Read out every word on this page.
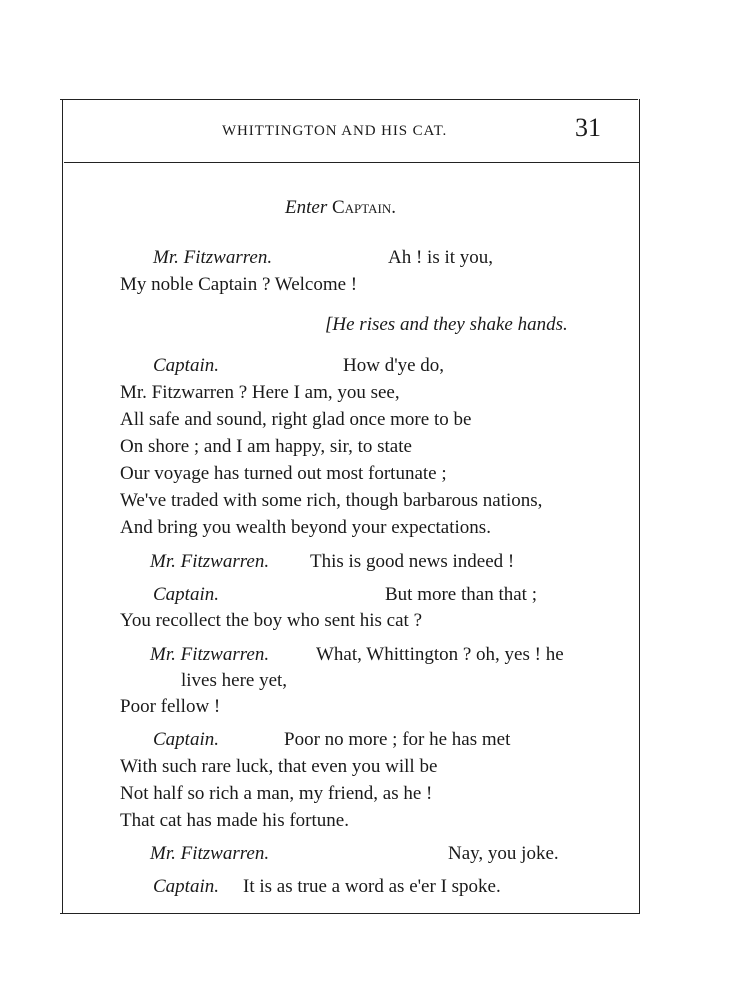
WHITTINGTON AND HIS CAT.	31
Enter Captain.
Mr. Fitzwarren.	Ah ! is it you,
My noble Captain ? Welcome !
[He rises and they shake hands.
Captain.	How d'ye do,
Mr. Fitzwarren ? Here I am, you see,
All safe and sound, right glad once more to be
On shore ; and I am happy, sir, to state
Our voyage has turned out most fortunate ;
We've traded with some rich, though barbarous nations,
And bring you wealth beyond your expectations.
Mr. Fitzwarren. This is good news indeed !
Captain.	But more than that ;
You recollect the boy who sent his cat ?
Mr. Fitzwarren. What, Whittington ? oh, yes ! he
lives here yet,
Poor fellow !
Captain.	Poor no more ; for he has met
With such rare luck, that even you will be
Not half so rich a man, my friend, as he !
That cat has made his fortune.
Mr. Fitzwarren.	Nay, you joke.
Captain. It is as true a word as e'er I spoke.
